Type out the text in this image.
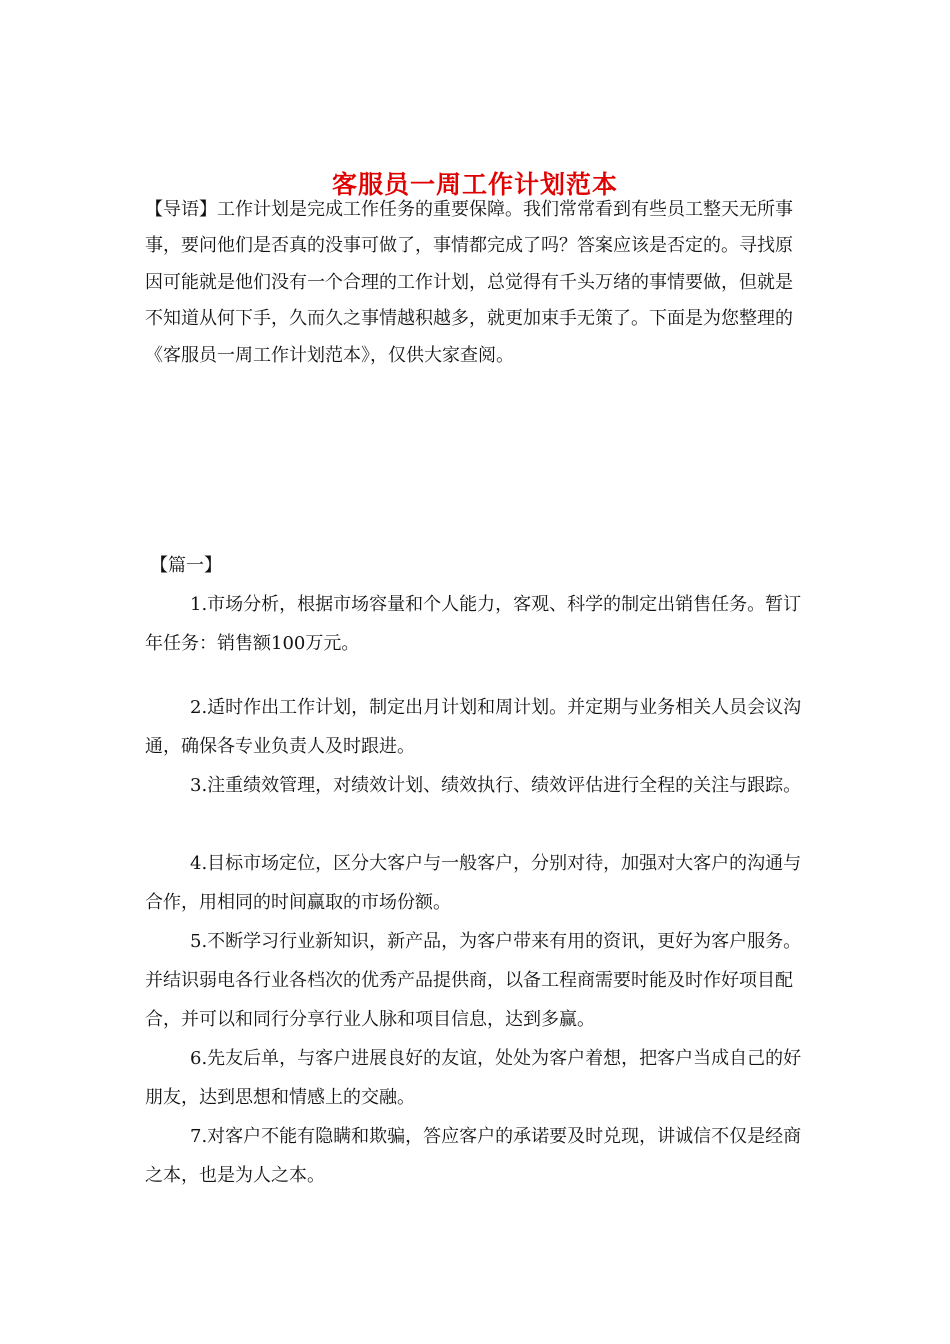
客服员一周工作计划范本

【导语】工作计划是完成工作任务的重要保障。我们常常看到有些员工整天无所事事，要问他们是否真的没事可做了，事情都完成了吗？答案应该是否定的。寻找原因可能就是他们没有一个合理的工作计划，总觉得有千头万绪的事情要做，但就是不知道从何下手，久而久之事情越积越多，就更加束手无策了。下面是为您整理的《客服员一周工作计划范本》，仅供大家查阅。

【篇一】

1.市场分析，根据市场容量和个人能力，客观、科学的制定出销售任务。暂订年任务：销售额100万元。

2.适时作出工作计划，制定出月计划和周计划。并定期与业务相关人员会议沟通，确保各专业负责人及时跟进。

3.注重绩效管理，对绩效计划、绩效执行、绩效评估进行全程的关注与跟踪。

4.目标市场定位，区分大客户与一般客户，分别对待，加强对大客户的沟通与合作，用相同的时间赢取的市场份额。

5.不断学习行业新知识，新产品，为客户带来有用的资讯，更好为客户服务。并结识弱电各行业各档次的优秀产品提供商，以备工程商需要时能及时作好项目配合，并可以和同行分享行业人脉和项目信息，达到多赢。

6.先友后单，与客户进展良好的友谊，处处为客户着想，把客户当成自己的好朋友，达到思想和情感上的交融。

7.对客户不能有隐瞒和欺骗，答应客户的承诺要及时兑现，讲诚信不仅是经商之本，也是为人之本。
